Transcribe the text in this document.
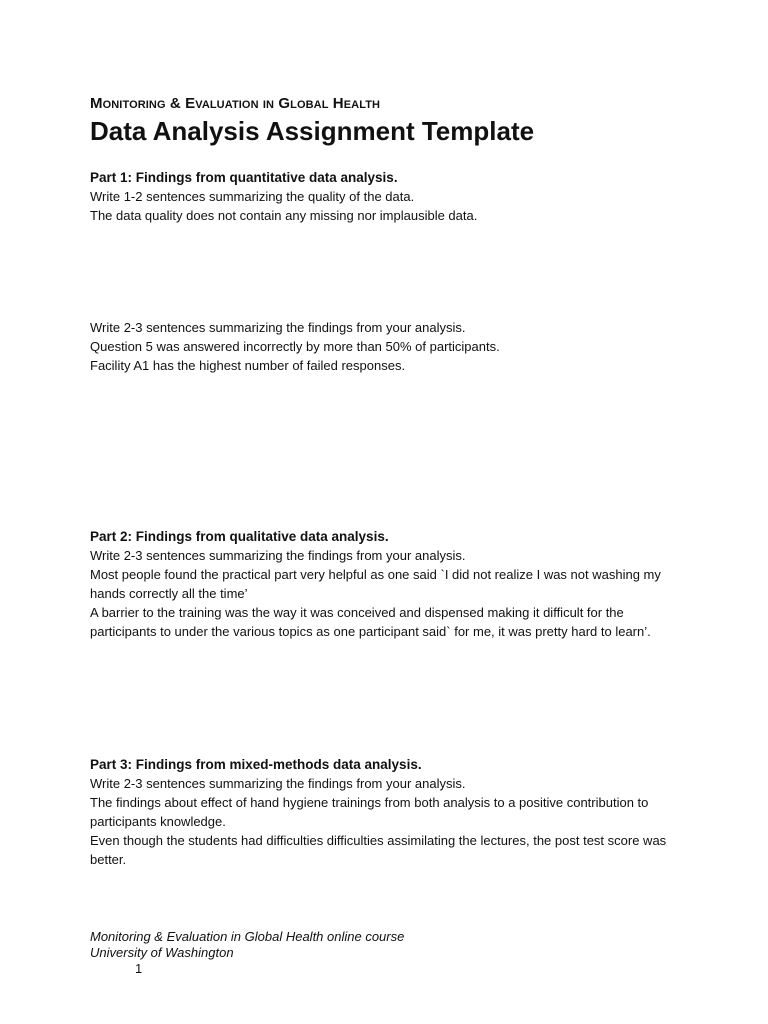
Monitoring & Evaluation in Global Health
Data Analysis Assignment Template

Part 1: Findings from quantitative data analysis.

Write 1-2 sentences summarizing the quality of the data.

The data quality does not contain any missing nor implausible data.

Write 2-3 sentences summarizing the findings from your analysis.

Question 5 was answered incorrectly by more than 50% of participants.

Facility A1 has the highest number of failed responses.

Part 2: Findings from qualitative data analysis.

Write 2-3 sentences summarizing the findings from your analysis.

Most people found the practical part very helpful as one said `I did not realize I was not washing my hands correctly all the time’

A barrier to the training was the way it was conceived and dispensed making it difficult for the participants to under the various topics as one participant said` for me, it was pretty hard to learn’.

Part 3: Findings from mixed-methods data analysis.

Write 2-3 sentences summarizing the findings from your analysis.

The findings about effect of hand hygiene trainings from both analysis to a positive contribution to participants knowledge.

Even though the students had difficulties difficulties assimilating the lectures, the post test score was better.

Monitoring & Evaluation in Global Health online course

University of Washington

1
